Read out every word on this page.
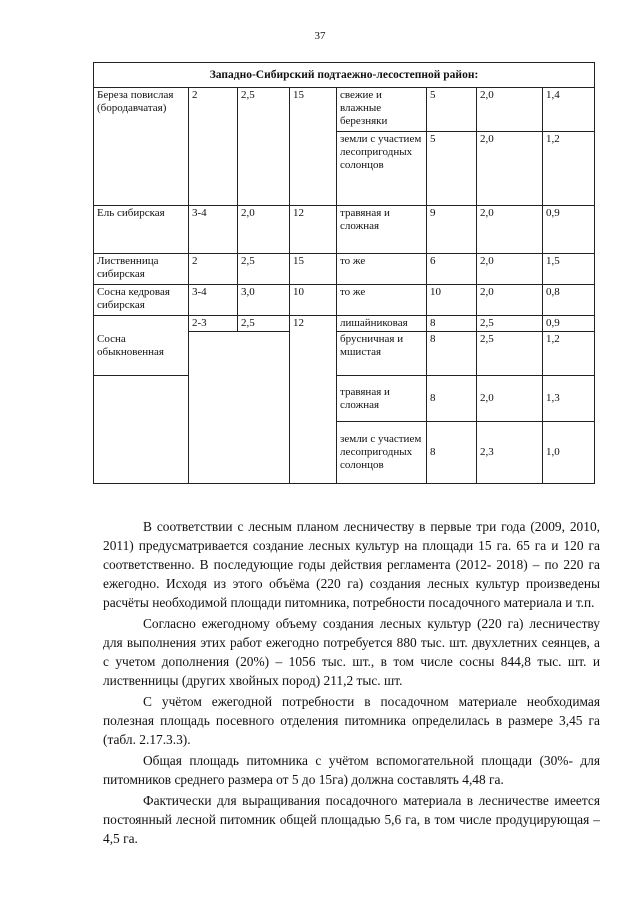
37
Западно-Сибирский подтаежно-лесостепной район:							
Береза повислая (бородавчатая)	2	2,5	15	свежие и влажные березняки	5	2,0	1,4
				земли с участием лесопригодных солонцов	5	2,0	1,2
Ель сибирская	3-4	2,0	12	травяная и сложная	9	2,0	0,9
Лиственница сибирская	2	2,5	15	то же	6	2,0	1,5
Сосна кедровая сибирская	3-4	3,0	10	то же	10	2,0	0,8
Сосна обыкновенная	2-3	2,5	12	лишайниковая	8	2,5	0,9
				брусничная и мшистая	8	2,5	1,2
				травяная и сложная	8	2,0	1,3
				земли с участием лесопригодных солонцов	8	2,3	1,0

В соответствии с лесным планом лесничеству в первые три года (2009, 2010, 2011) предусматривается создание лесных культур на площади 15 га. 65 га и 120 га соответственно. В последующие годы действия регламента (2012- 2018) – по 220 га ежегодно. Исходя из этого объёма (220 га) создания лесных культур произведены расчёты необходимой площади питомника, потребности посадочного материала и т.п.

Согласно ежегодному объему создания лесных культур (220 га) лесничеству для выполнения этих работ ежегодно потребуется 880 тыс. шт. двухлетних сеянцев, а с учетом дополнения (20%) – 1056 тыс. шт., в том числе сосны 844,8 тыс. шт. и лиственницы (других хвойных пород) 211,2 тыс. шт.

С учётом ежегодной потребности в посадочном материале необходимая полезная площадь посевного отделения питомника определилась в размере 3,45 га (табл. 2.17.3.3).

Общая площадь питомника с учётом вспомогательной площади (30%- для питомников среднего размера от 5 до 15га) должна составлять 4,48 га.

Фактически для выращивания посадочного материала в лесничестве имеется постоянный лесной питомник общей площадью 5,6 га, в том числе продуцирующая – 4,5 га.
